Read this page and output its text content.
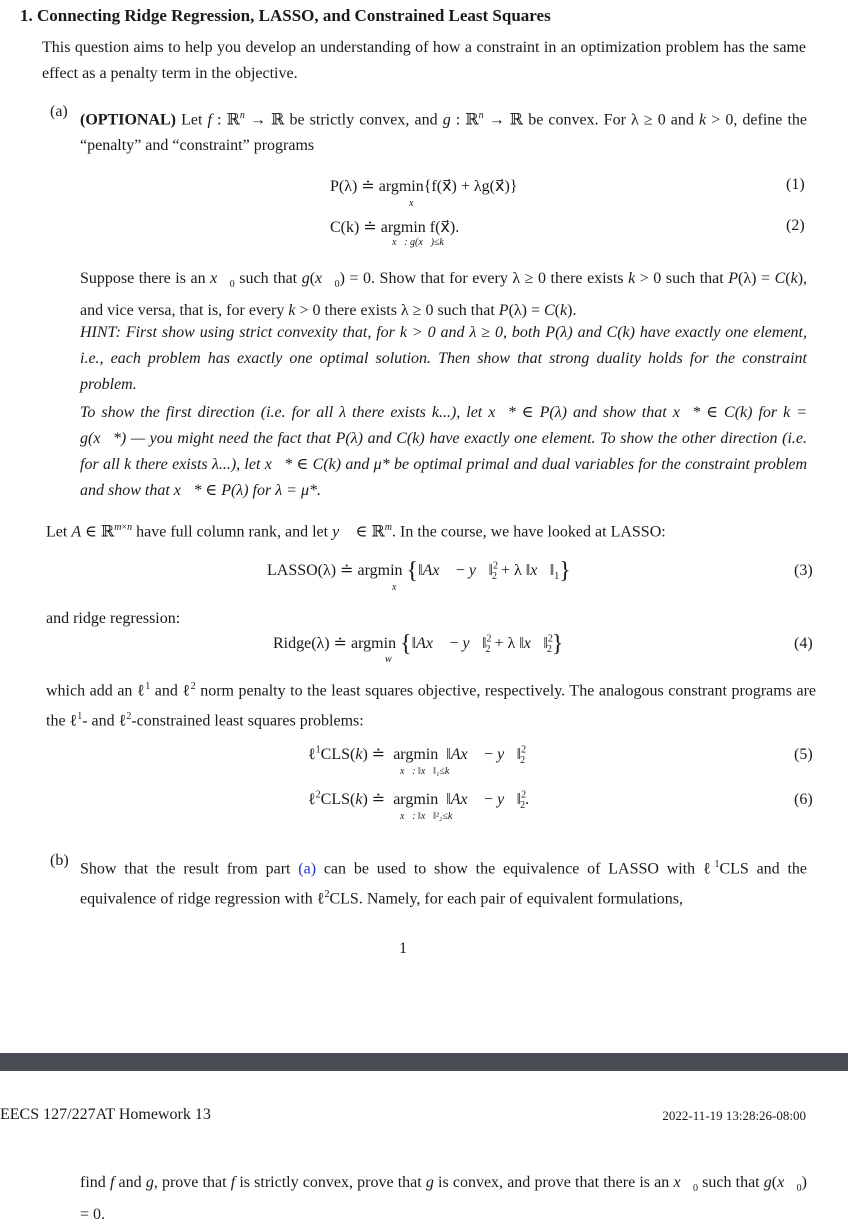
1. Connecting Ridge Regression, LASSO, and Constrained Least Squares
This question aims to help you develop an understanding of how a constraint in an optimization problem has the same effect as a penalty term in the objective.
(a) (OPTIONAL) Let f : ℝ$^n$ → ℝ be strictly convex, and g : ℝ$^n$ → ℝ be convex. For λ ≥ 0 and k > 0, define the “penalty” and “constraint” programs
P(λ) ≐ argmin{f(x⃗) + λg(x⃗)}
x⃗
(1)
C(k) ≐ argmin f(x⃗).
x⃗: g(x⃗)≤k
(2)
Suppose there is an $x⃗_0$ such that $g(x⃗_0) = 0$. Show that for every λ ≥ 0 there exists k > 0 such that P(λ) = C(k), and vice versa, that is, for every k > 0 there exists λ ≥ 0 such that P(λ) = C(k).
HINT: First show using strict convexity that, for k > 0 and λ ≥ 0, both P(λ) and C(k) have exactly one element, i.e., each problem has exactly one optimal solution. Then show that strong duality holds for the constraint problem.
To show the first direction (i.e. for all λ there exists k...), let x⃗* ∈ P(λ) and show that x⃗* ∈ C(k) for k = g(x⃗*) — you might need the fact that P(λ) and C(k) have exactly one element. To show the other direction (i.e. for all k there exists λ...), let x⃗* ∈ C(k) and μ* be optimal primal and dual variables for the constraint problem and show that x⃗* ∈ P(λ) for λ = μ*.
Let A ∈ ℝ$^{m\times n}$ have full column rank, and let y⃗ ∈ ℝ$^m$. In the course, we have looked at LASSO:
LASSO(λ) ≐ argmin {‖Ax⃗ − y⃗‖$^2_2$ + λ $‖x⃗‖_1$}
x⃗
(3)
and ridge regression:
Ridge(λ) ≐ argmin {‖Ax⃗ − y⃗‖$^2_2$ + λ ‖x⃗‖$^2_2$}
w⃗
(4)
which add an ℓ$^1$ and ℓ$^2$ norm penalty to the least squares objective, respectively. The analogous constrant programs are the ℓ$^1$- and ℓ$^2$-constrained least squares problems:
ℓ$^1$CLS(k) ≐  argmin  ‖Ax⃗ − y⃗‖$^2_2$
x⃗: ‖x⃗‖₁≤k
(5)
ℓ$^2$CLS(k) ≐  argmin  ‖Ax⃗ − y⃗‖$^2_2$.
x⃗: ‖x⃗‖²₂≤k
(6)
(b) Show that the result from part (a) can be used to show the equivalence of LASSO with ℓ$^1$CLS and the equivalence of ridge regression with ℓ$^2$CLS. Namely, for each pair of equivalent formulations,
1
EECS 127/227AT Homework 13	2022-11-19 13:28:26-08:00
find f and g, prove that f is strictly convex, prove that g is convex, and prove that there is an $x⃗_0$ such that $g(x⃗_0) = 0$.
